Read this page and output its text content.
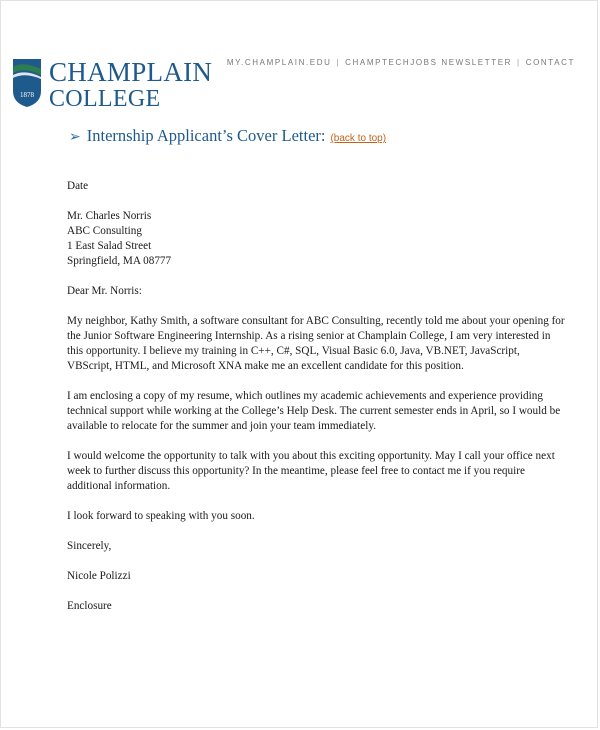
1878
CHAMPLAIN
COLLEGE
MY.CHAMPLAIN.EDU | CHAMPTECHJOBS NEWSLETTER | CONTACT
➢ Internship Applicant’s Cover Letter: (back to top)

Date

Mr. Charles Norris

ABC Consulting

1 East Salad Street

Springfield, MA 08777

Dear Mr. Norris:

My neighbor, Kathy Smith, a software consultant for ABC Consulting, recently told me about your opening for the Junior Software Engineering Internship. As a rising senior at Champlain College, I am very interested in this opportunity. I believe my training in C++, C#, SQL, Visual Basic 6.0, Java, VB.NET, JavaScript, VBScript, HTML, and Microsoft XNA make me an excellent candidate for this position.

I am enclosing a copy of my resume, which outlines my academic achievements and experience providing technical support while working at the College’s Help Desk. The current semester ends in April, so I would be available to relocate for the summer and join your team immediately.

I would welcome the opportunity to talk with you about this exciting opportunity. May I call your office next week to further discuss this opportunity? In the meantime, please feel free to contact me if you require additional information.

I look forward to speaking with you soon.

Sincerely,

Nicole Polizzi

Enclosure
